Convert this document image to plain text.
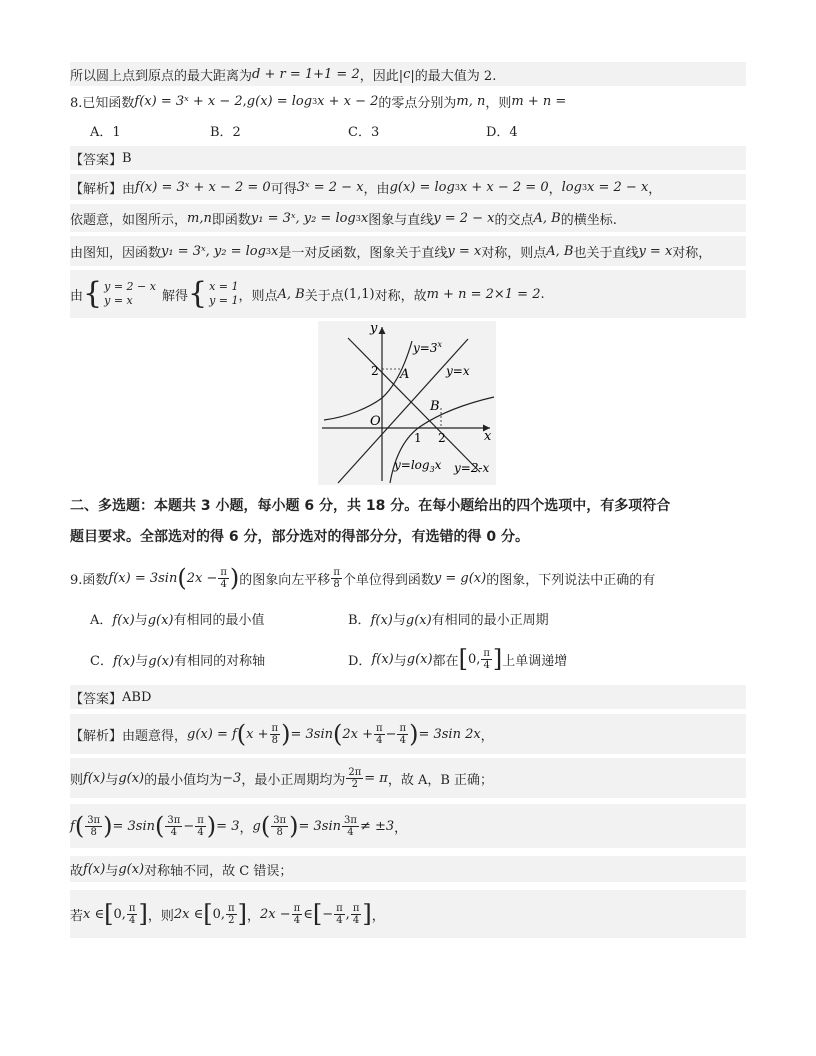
所以圆上点到原点的最大距离为 d + r = 1+1 = 2 ，因此| c |的最大值为 2.
8.已知函数 f(x) = 3ˣ + x − 2 , g(x) = log 3 x + x − 2 的零点分别为 m, n ，则 m + n =
A．1	B．2	C．3	D．4
【答案】 B
【解析】 由 f(x) = 3ˣ + x − 2 = 0 可得 3ˣ = 2 − x ，由 g(x) = log 3 x + x − 2 = 0 ， log 3 x = 2 − x ，
依题意，如图所示， m,n 即函数 y₁ = 3ˣ, y₂ = log 3 x 图象与直线 y = 2 − x 的交点 A, B 的横坐标.
由图知，因函数 y₁ = 3ˣ, y₂ = log 3 x 是一对反函数，图象关于直线 y = x 对称，则点 A, B 也关于直线 y = x 对称，
由 { y = 2 − x
y = x	解得 { x = 1
y = 1 ，则点 A, B 关于点 (1,1) 对称，故 m + n = 2×1 = 2 .
y
x
O
2
1 2
$y=3^x$
A
B
y=x
$y=\log_3x$ y=2-x
二、多选题：本题共 3 小题，每小题 6 分，共 18 分。在每小题给出的四个选项中，有多项符合
题目要求。全部选对的得 6 分，部分选对的得部分分，有选错的得 0 分。
9.函数 f(x) = 3sin ( $2x - \frac{\pi}{4}$ ) 的图象向左平移 $\frac{\pi}{8}$ 个单位得到函数 y = g(x) 的图象，下列说法中正确的有
A．f(x)与g(x)有相同的最小值	B．f(x)与g(x)有相同的最小正周期
C．f(x)与g(x)有相同的对称轴	D． f(x) 与 g(x) 都在 [ 0, $\frac{\pi}{4}$ ] 上单调递增
【答案】 ABD
【解析】 由题意得， g(x) = f ( $x + \frac{\pi}{8}$ ) = 3sin ( $2x + \frac{\pi}{4} - \frac{\pi}{4}$ ) = 3sin 2x ，
则 f(x) 与 g(x) 的最小值均为 −3 ，最小正周期均为 $\frac{2\pi}{2} = \pi$ ，故 A，B 正确；
f ( $\frac{3\pi}{8}$ ) = 3sin ( $\frac{3\pi}{4} - \frac{\pi}{4}$ ) = 3 ， g ( $\frac{3\pi}{8}$ ) = $3\sin \frac{3\pi}{4} \ne \pm 3$ ，
故 f(x) 与 g(x) 对称轴不同，故 C 错误；
若 x ∈ [ 0, $\frac{\pi}{4}$ ] ，则 2x ∈ [ 0, $\frac{\pi}{2}$ ] ， $2x - \frac{\pi}{4}$ ∈ [ − $\frac{\pi}{4}$ , $\frac{\pi}{4}$ ] ，
